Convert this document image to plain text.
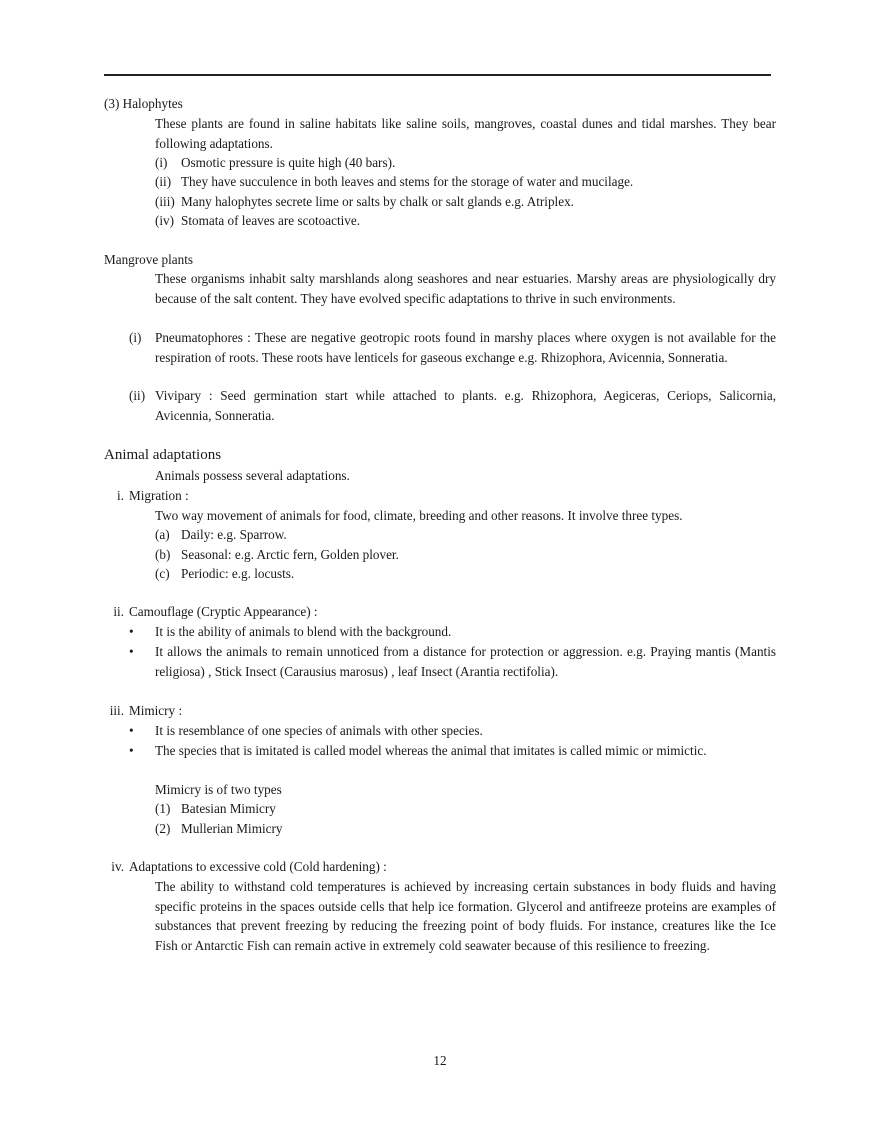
(3) Halophytes
These plants are found in saline habitats like saline soils, mangroves, coastal dunes and tidal marshes. They bear following adaptations.
(i) Osmotic pressure is quite high (40 bars).
(ii) They have succulence in both leaves and stems for the storage of water and mucilage.
(iii) Many halophytes secrete lime or salts by chalk or salt glands e.g. Atriplex.
(iv) Stomata of leaves are scotoactive.
Mangrove plants
These organisms inhabit salty marshlands along seashores and near estuaries. Marshy areas are physiologically dry because of the salt content. They have evolved specific adaptations to thrive in such environments.
(i) Pneumatophores : These are negative geotropic roots found in marshy places where oxygen is not available for the respiration of roots. These roots have lenticels for gaseous exchange e.g. Rhizophora, Avicennia, Sonneratia.
(ii) Vivipary : Seed germination start while attached to plants. e.g. Rhizophora, Aegiceras, Ceriops, Salicornia, Avicennia, Sonneratia.
Animal adaptations
Animals possess several adaptations.
i. Migration :
Two way movement of animals for food, climate, breeding and other reasons. It involve three types.
(a) Daily: e.g. Sparrow.
(b) Seasonal: e.g. Arctic fern, Golden plover.
(c) Periodic: e.g. locusts.
ii. Camouflage (Cryptic Appearance) :
• It is the ability of animals to blend with the background.
• It allows the animals to remain unnoticed from a distance for protection or aggression. e.g. Praying mantis (Mantis religiosa) , Stick Insect (Carausius marosus) , leaf Insect (Arantia rectifolia).
iii. Mimicry :
• It is resemblance of one species of animals with other species.
• The species that is imitated is called model whereas the animal that imitates is called mimic or mimictic.
Mimicry is of two types
(1) Batesian Mimicry
(2) Mullerian Mimicry
iv. Adaptations to excessive cold (Cold hardening) :
The ability to withstand cold temperatures is achieved by increasing certain substances in body fluids and having specific proteins in the spaces outside cells that help ice formation. Glycerol and antifreeze proteins are examples of substances that prevent freezing by reducing the freezing point of body fluids. For instance, creatures like the Ice Fish or Antarctic Fish can remain active in extremely cold seawater because of this resilience to freezing.
12
